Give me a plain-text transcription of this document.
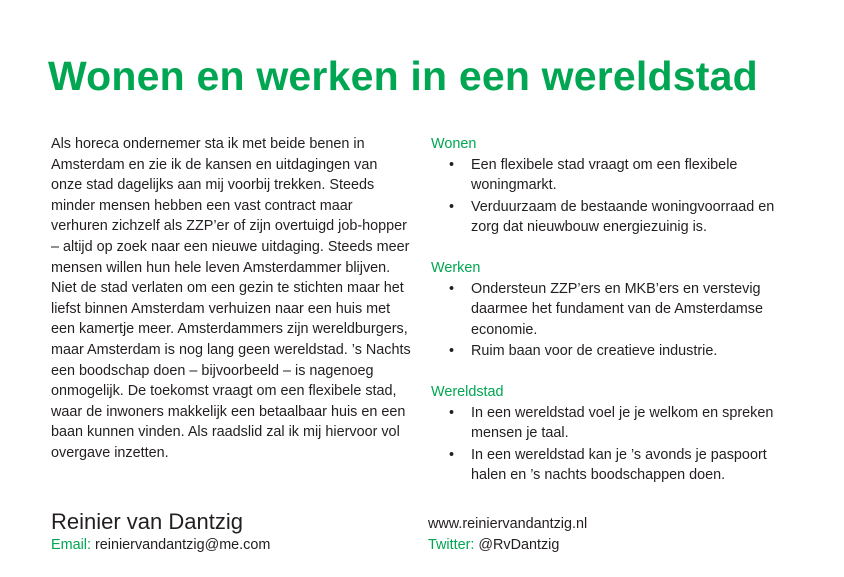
Wonen en werken in een wereldstad

Als horeca ondernemer sta ik met beide benen in
Amsterdam en zie ik de kansen en uitdagingen van
onze stad dagelijks aan mij voorbij trekken. Steeds
minder mensen hebben een vast contract maar
verhuren zichzelf als ZZP’er of zijn overtuigd job-hopper
– altijd op zoek naar een nieuwe uitdaging. Steeds meer
mensen willen hun hele leven Amsterdammer blijven.
Niet de stad verlaten om een gezin te stichten maar het
liefst binnen Amsterdam verhuizen naar een huis met
een kamertje meer. Amsterdammers zijn wereldburgers,
maar Amsterdam is nog lang geen wereldstad. ’s Nachts
een boodschap doen – bijvoorbeeld – is nagenoeg
onmogelijk. De toekomst vraagt om een flexibele stad,
waar de inwoners makkelijk een betaalbaar huis en een
baan kunnen vinden. Als raadslid zal ik mij hiervoor vol
overgave inzetten.

Wonen
• Een flexibele stad vraagt om een flexibele
woningmarkt.
• Verduurzaam de bestaande woningvoorraad en
zorg dat nieuwbouw energiezuinig is.
Werken
• Ondersteun ZZP’ers en MKB’ers en verstevig
daarmee het fundament van de Amsterdamse
economie.
• Ruim baan voor de creatieve industrie.
Wereldstad
• In een wereldstad voel je je welkom en spreken
mensen je taal.
• In een wereldstad kan je ’s avonds je paspoort
halen en ’s nachts boodschappen doen.
Reinier van Dantzig
Email: reiniervandantzig@me.com
www.reiniervandantzig.nl
Twitter: @RvDantzig
